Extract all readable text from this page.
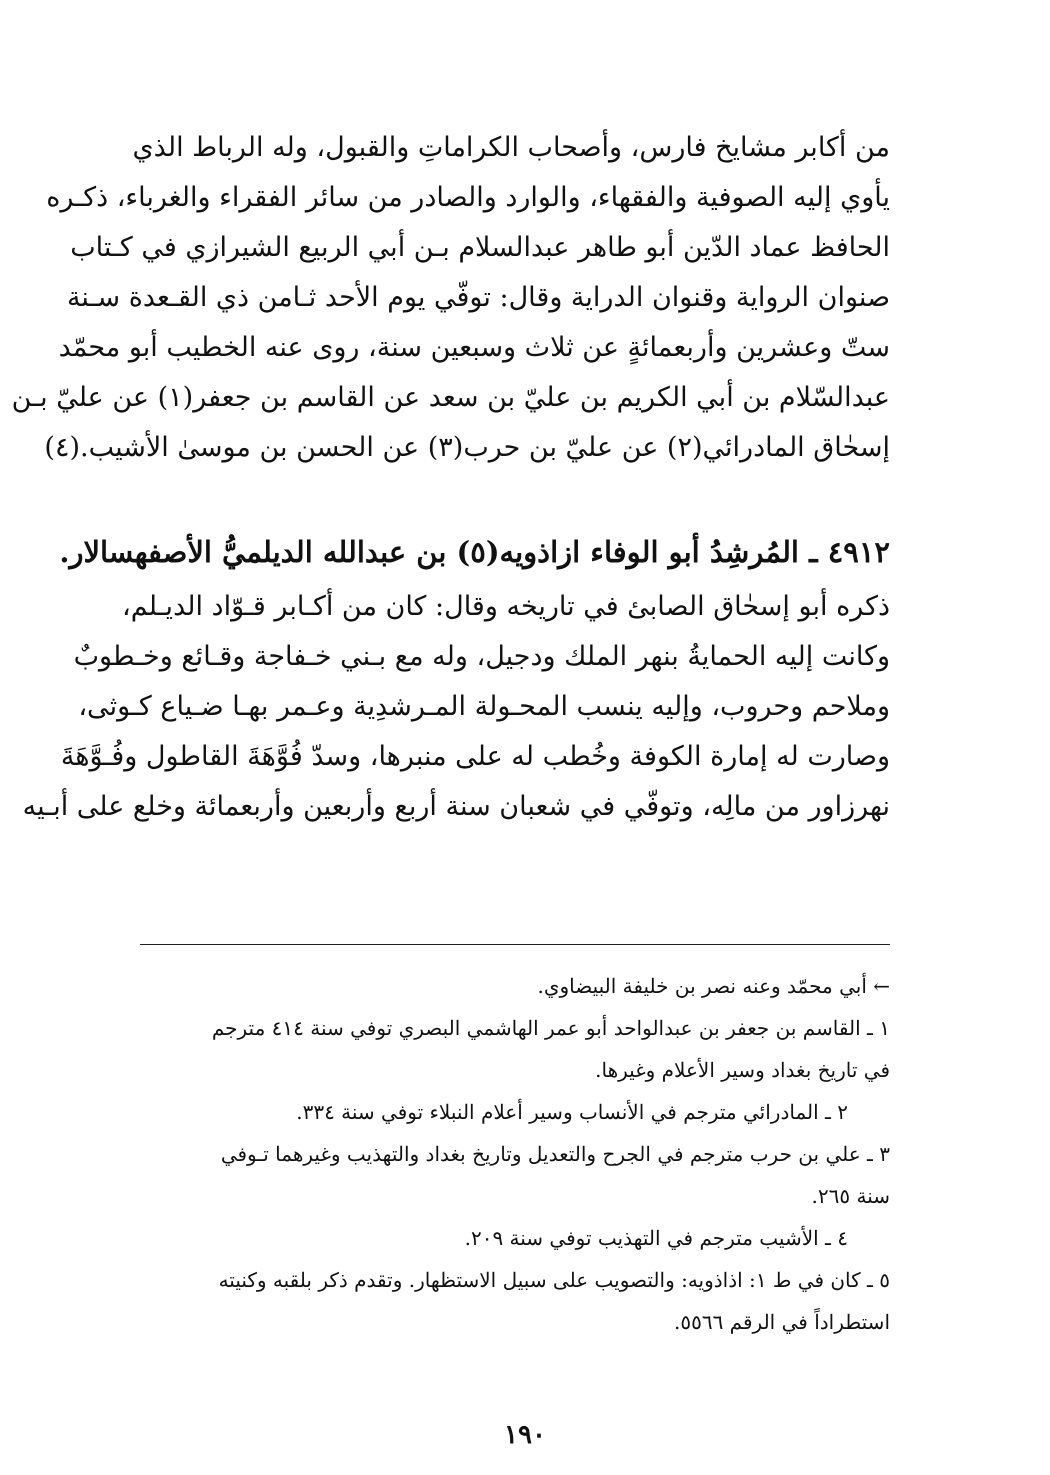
من أكابر مشايخ فارس، وأصحاب الكراماتِ والقبول، وله الرباط الذي
يأوي إليه الصوفية والفقهاء، والوارد والصادر من سائر الفقراء والغرباء، ذكـره
الحافظ عماد الدّين أبو طاهر عبدالسلام بـن أبي الربيع الشيرازي في كـتاب
صنوان الرواية وقنوان الدراية وقال: توفّي يوم الأحد ثـامن ذي القـعدة سـنة
ستّ وعشرين وأربعمائةٍ عن ثلاث وسبعين سنة، روى عنه الخطيب أبو محمّد
عبدالسّلام بن أبي الكريم بن عليّ بن سعد عن القاسم بن جعفر(١) عن عليّ بـن
إسحٰاق المادرائي(٢) عن عليّ بن حرب(٣) عن الحسن بن موسىٰ الأشيب.(٤)
٤٩١٢ ـ المُرشِدُ أبو الوفاء ازاذويه(٥) بن عبدالله الديلميُّ الأصفهسالار.
ذكره أبو إسحٰاق الصابئ في تاريخه وقال: كان من أكـابر قـوّاد الديـلم،
وكانت إليه الحمايةُ بنهر الملك ودجيل، وله مع بـني خـفاجة وقـائع وخـطوبٌ
وملاحم وحروب، وإليه ينسب المحـولة المـرشدِية وعـمر بهـا ضـياع كـوثى،
وصارت له إمارة الكوفة وخُطب له على منبرها، وسدّ فُوَّهَةَ القاطول وفُـوَّهَةَ
نهرزاور من مالِه، وتوفّي في شعبان سنة أربع وأربعين وأربعمائة وخلع على أبـيه
← أبي محمّد وعنه نصر بن خليفة البيضاوي.
١ ـ القاسم بن جعفر بن عبدالواحد أبو عمر الهاشمي البصري توفي سنة ٤١٤ مترجم
في تاريخ بغداد وسير الأعلام وغيرها.
٢ ـ المادرائي مترجم في الأنساب وسير أعلام النبلاء توفي سنة ٣٣٤.
٣ ـ علي بن حرب مترجم في الجرح والتعديل وتاريخ بغداد والتهذيب وغيرهما تـوفي
سنة ٢٦٥.
٤ ـ الأشيب مترجم في التهذيب توفي سنة ٢٠٩.
٥ ـ كان في ط ١: اذاذويه: والتصويب على سبيل الاستظهار. وتقدم ذكر بلقبه وكنيته
استطراداً في الرقم ٥٥٦٦.
١٩٠
